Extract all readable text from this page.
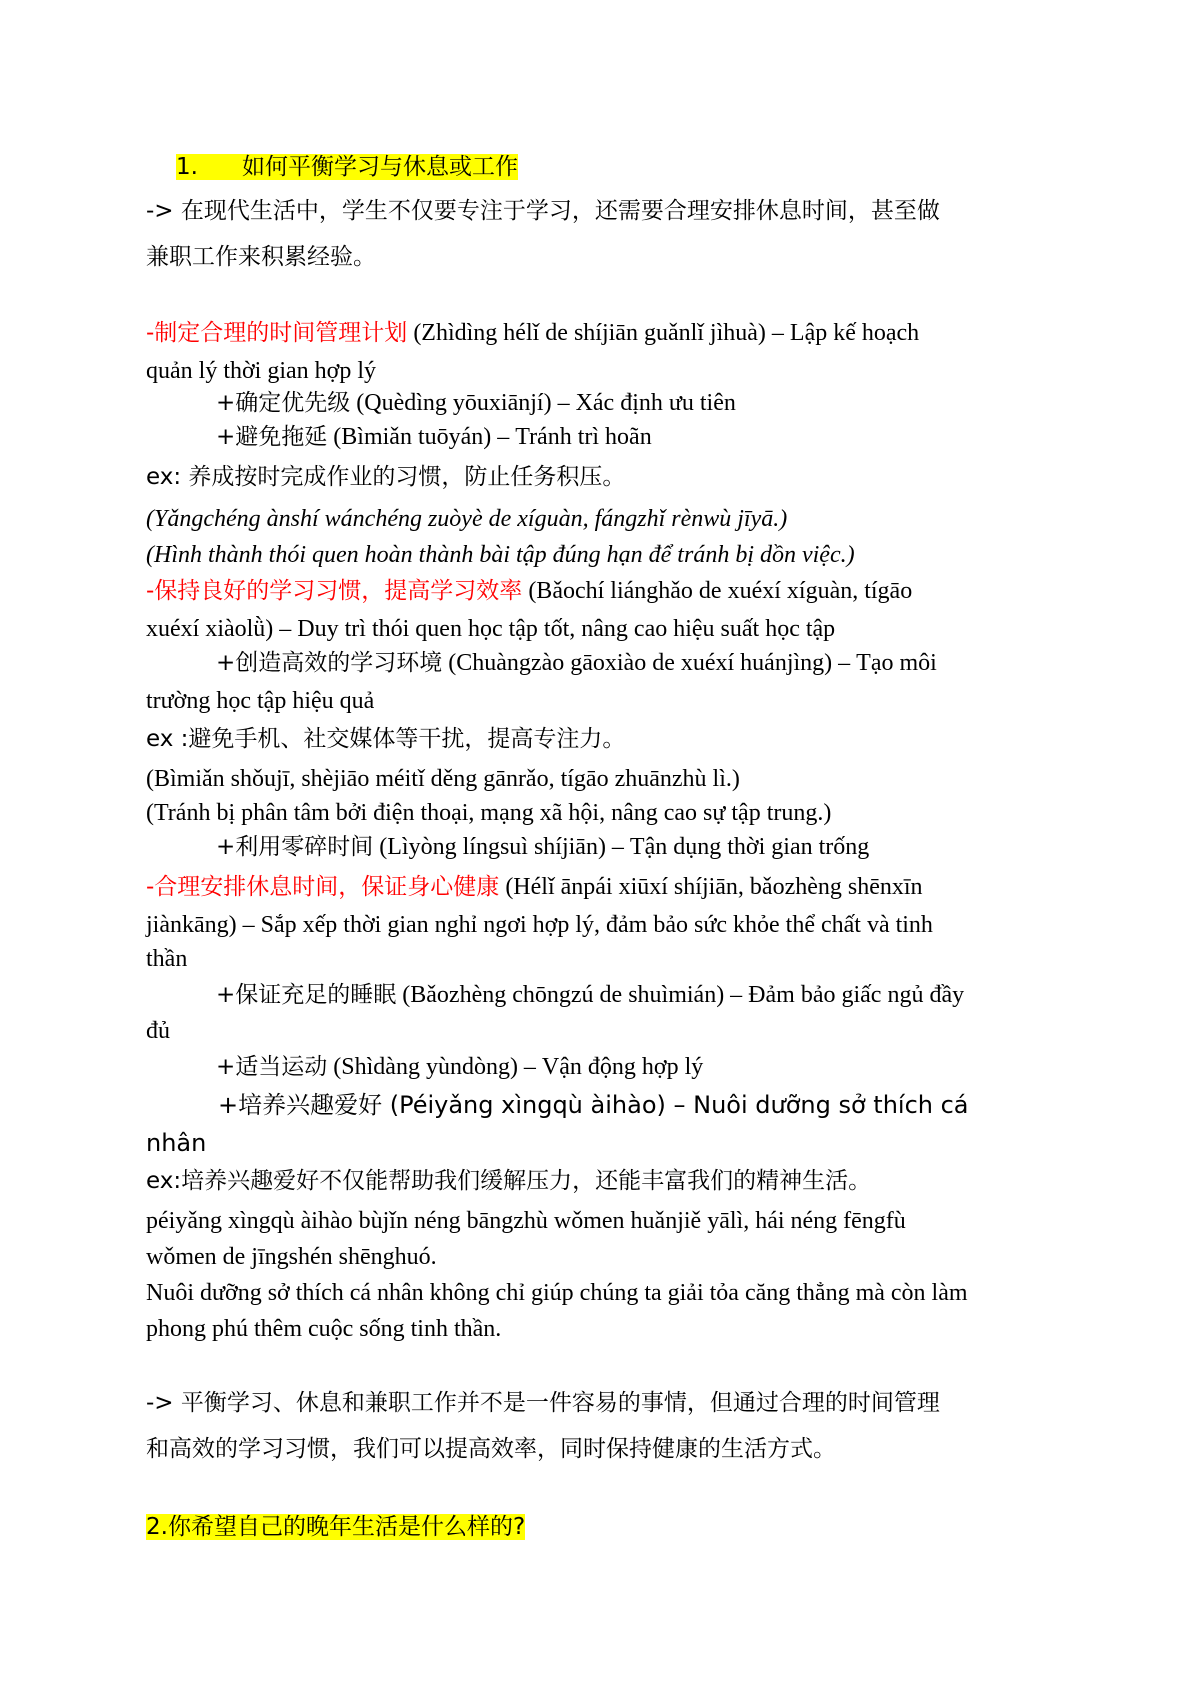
1. 如何平衡学习与休息或工作
-> 在现代生活中，学生不仅要专注于学习，还需要合理安排休息时间，甚至做
兼职工作来积累经验。
-制定合理的时间管理计划 (Zhìdìng hélǐ de shíjiān guǎnlǐ jìhuà) – Lập kế hoạch
quản lý thời gian hợp lý
+确定优先级 (Quèdìng yōuxiānjí) – Xác định ưu tiên
+避免拖延 (Bìmiǎn tuōyán) – Tránh trì hoãn
ex: 养成按时完成作业的习惯，防止任务积压。
(Yǎngchéng ànshí wánchéng zuòyè de xíguàn, fángzhǐ rènwù jīyā.)
(Hình thành thói quen hoàn thành bài tập đúng hạn để tránh bị dồn việc.)
-保持良好的学习习惯，提高学习效率 (Bǎochí liánghǎo de xuéxí xíguàn, tígāo
xuéxí xiàolǜ) – Duy trì thói quen học tập tốt, nâng cao hiệu suất học tập
+创造高效的学习环境 (Chuàngzào gāoxiào de xuéxí huánjìng) – Tạo môi
trường học tập hiệu quả
ex :避免手机、社交媒体等干扰，提高专注力。
(Bìmiǎn shǒujī, shèjiāo méitǐ děng gānrǎo, tígāo zhuānzhù lì.)
(Tránh bị phân tâm bởi điện thoại, mạng xã hội, nâng cao sự tập trung.)
+利用零碎时间 (Lìyòng língsuì shíjiān) – Tận dụng thời gian trống
-合理安排休息时间，保证身心健康 (Hélǐ ānpái xiūxí shíjiān, bǎozhèng shēnxīn
jiànkāng) – Sắp xếp thời gian nghỉ ngơi hợp lý, đảm bảo sức khỏe thể chất và tinh
thần
+保证充足的睡眠 (Bǎozhèng chōngzú de shuìmián) – Đảm bảo giấc ngủ đầy
đủ
+适当运动 (Shìdàng yùndòng) – Vận động hợp lý
+培养兴趣爱好 (Péiyǎng xìngqù àihào) – Nuôi dưỡng sở thích cá
nhân
ex:培养兴趣爱好不仅能帮助我们缓解压力，还能丰富我们的精神生活。
péiyǎng xìngqù àihào bùjǐn néng bāngzhù wǒmen huǎnjiě yālì, hái néng fēngfù
wǒmen de jīngshén shēnghuó.
Nuôi dưỡng sở thích cá nhân không chỉ giúp chúng ta giải tỏa căng thẳng mà còn làm
phong phú thêm cuộc sống tinh thần.
-> 平衡学习、休息和兼职工作并不是一件容易的事情，但通过合理的时间管理
和高效的学习习惯，我们可以提高效率，同时保持健康的生活方式。
2.你希望自己的晚年生活是什么样的?
